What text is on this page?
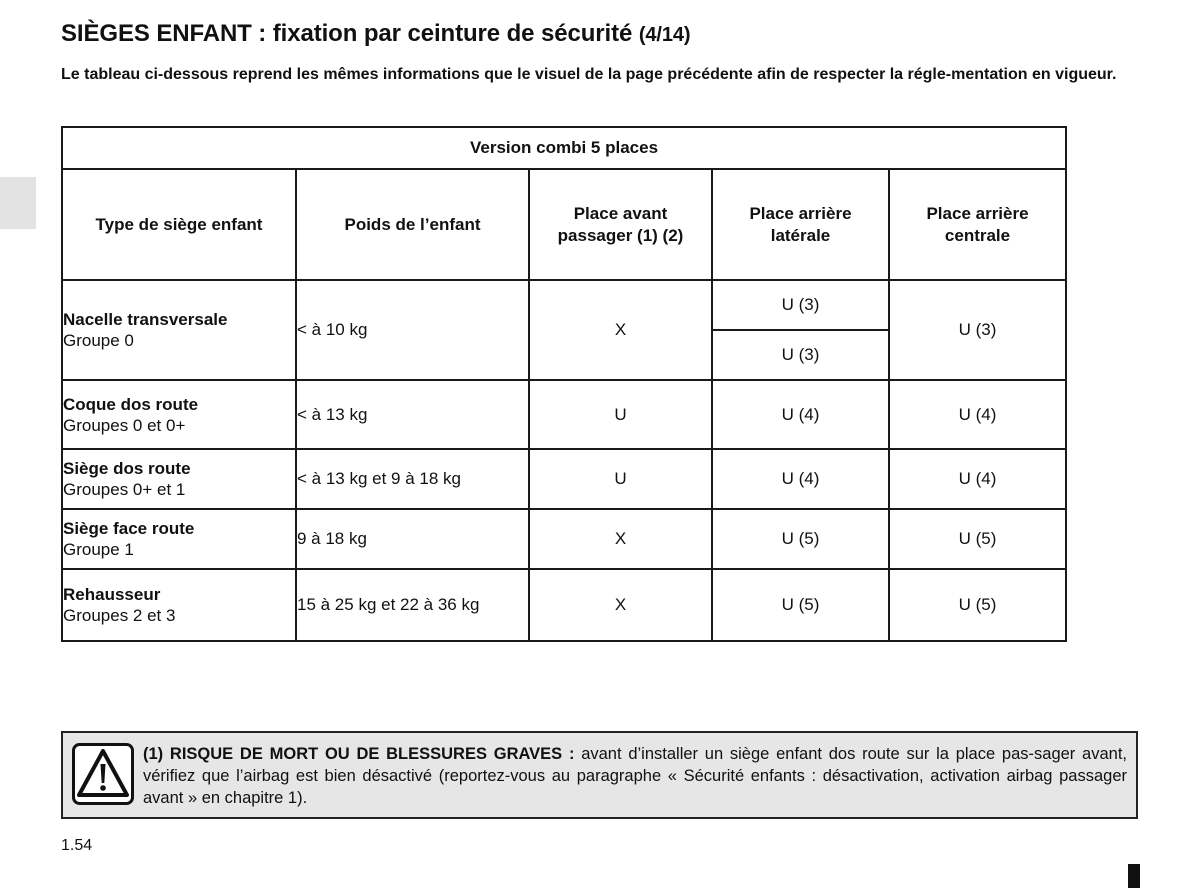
SIÈGES ENFANT : fixation par ceinture de sécurité (4/14)

Le tableau ci-dessous reprend les mêmes informations que le visuel de la page précédente afin de respecter la régle-mentation en vigueur.

Version combi 5 places				
Type de siège enfant	Poids de l’enfant	Place avant passager (1) (2)	Place arrière latérale	Place arrière centrale

Nacelle transversale
Groupe 0	< à 10 kg	X	U (3)	U (3)
			U (3)	

Coque dos route
Groupes 0 et 0+	< à 13 kg	U	U (4)	U (4)

Siège dos route
Groupes 0+ et 1	< à 13 kg et 9 à 18 kg	U	U (4)	U (4)

Siège face route
Groupe 1	9 à 18 kg	X	U (5)	U (5)

Rehausseur
Groupes 2 et 3	15 à 25 kg et 22 à 36 kg	X	U (5)	U (5)

(1) RISQUE DE MORT OU DE BLESSURES GRAVES : avant d’installer un siège enfant dos route sur la place pas-sager avant, vérifiez que l’airbag est bien désactivé (reportez-vous au paragraphe « Sécurité enfants : désactivation, activation airbag passager avant » en chapitre 1).

1.54
